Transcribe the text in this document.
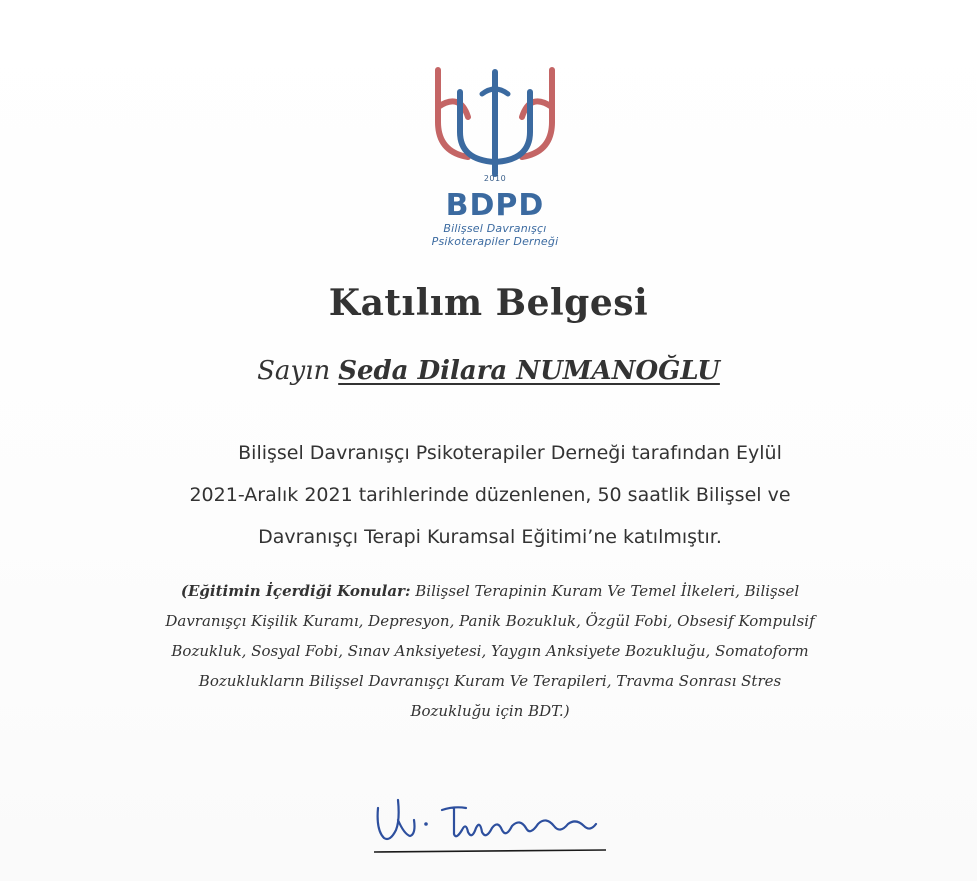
2010
BDPD
Bilişsel Davranışçı
Psikoterapiler Derneği
Katılım Belgesi
Sayın Seda Dilara NUMANOĞLU
Bilişsel Davranışçı Psikoterapiler Derneği tarafından Eylül
2021-Aralık 2021 tarihlerinde düzenlenen, 50 saatlik Bilişsel ve
Davranışçı Terapi Kuramsal Eğitimi’ne katılmıştır.
(Eğitimin İçerdiği Konular: Bilişsel Terapinin Kuram Ve Temel İlkeleri, Bilişsel
Davranışçı Kişilik Kuramı, Depresyon, Panik Bozukluk, Özgül Fobi, Obsesif Kompulsif
Bozukluk, Sosyal Fobi, Sınav Anksiyetesi, Yaygın Anksiyete Bozukluğu, Somatoform
Bozuklukların Bilişsel Davranışçı Kuram Ve Terapileri, Travma Sonrası Stres
Bozukluğu için BDT.)
